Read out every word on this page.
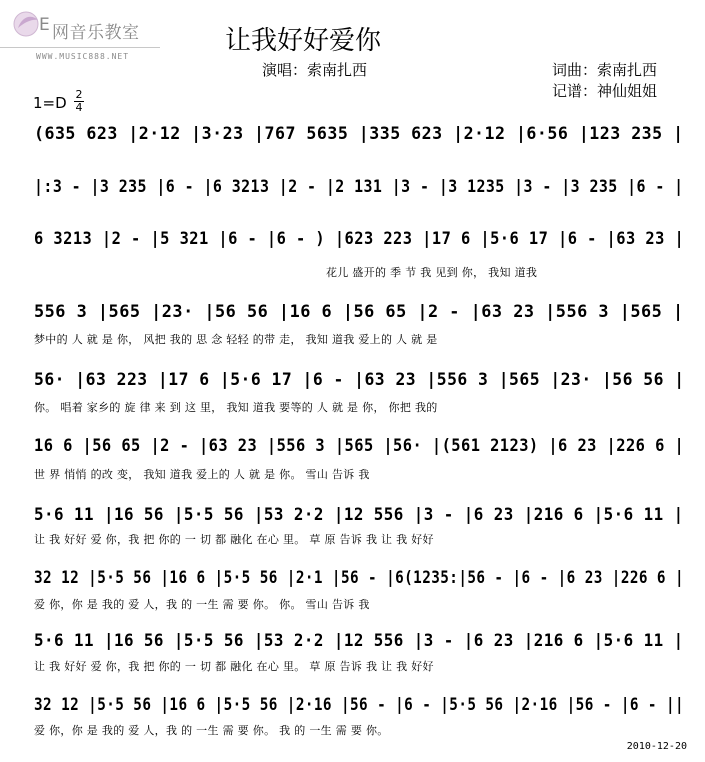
E 网音乐教室
WWW.MUSIC888.NET
让我好好爱你
演唱：索南扎西	词曲：索南扎西
记谱：神仙姐姐
1=D 2
4
(635 623 |2·12 |3·23 |767 5635 |335 623 |2·12 |6·56 |123 235 |
|:3 - |3 235 |6 - |6 3213 |2 - |2 131 |3 - |3 1235 |3 - |3 235 |6 - |
6 3213 |2 - |5 321 |6 - |6 - ) |623 223 |17 6 |5·6 17 |6 - |63 23 |
花儿 盛开的 季 节 我 见到 你， 我知 道我
556 3 |565 |23· |56 56 |16 6 |56 65 |2 - |63 23 |556 3 |565 |
梦中的 人 就 是 你， 风把 我的 思 念 轻轻 的带 走， 我知 道我 爱上的 人 就 是
56· |63 223 |17 6 |5·6 17 |6 - |63 23 |556 3 |565 |23· |56 56 |
你。 唱着 家乡的 旋 律 来 到 这 里， 我知 道我 要等的 人 就 是 你， 你把 我的
16 6 |56 65 |2 - |63 23 |556 3 |565 |56· |(561 2123) |6 23 |226 6 |
世 界 悄悄 的改 变， 我知 道我 爱上的 人 就 是 你。 雪山 告诉 我
5·6 11 |16 56 |5·5 56 |53 2·2 |12 556 |3 - |6 23 |216 6 |5·6 11 |
让 我 好好 爱 你，我 把 你的 一 切 都 融化 在心 里。 草 原 告诉 我 让 我 好好
32 12 |5·5 56 |16 6 |5·5 56 |2·1 |56 - |6(1235:|56 - |6 - |6 23 |226 6 |
爱 你，你 是 我的 爱 人，我 的 一生 需 要 你。 你。 雪山 告诉 我
5·6 11 |16 56 |5·5 56 |53 2·2 |12 556 |3 - |6 23 |216 6 |5·6 11 |
让 我 好好 爱 你，我 把 你的 一 切 都 融化 在心 里。 草 原 告诉 我 让 我 好好
32 12 |5·5 56 |16 6 |5·5 56 |2·16 |56 - |6 - |5·5 56 |2·16 |56 - |6 - ||
爱 你，你 是 我的 爱 人，我 的 一生 需 要 你。 我 的 一生 需 要 你。
2010-12-20
